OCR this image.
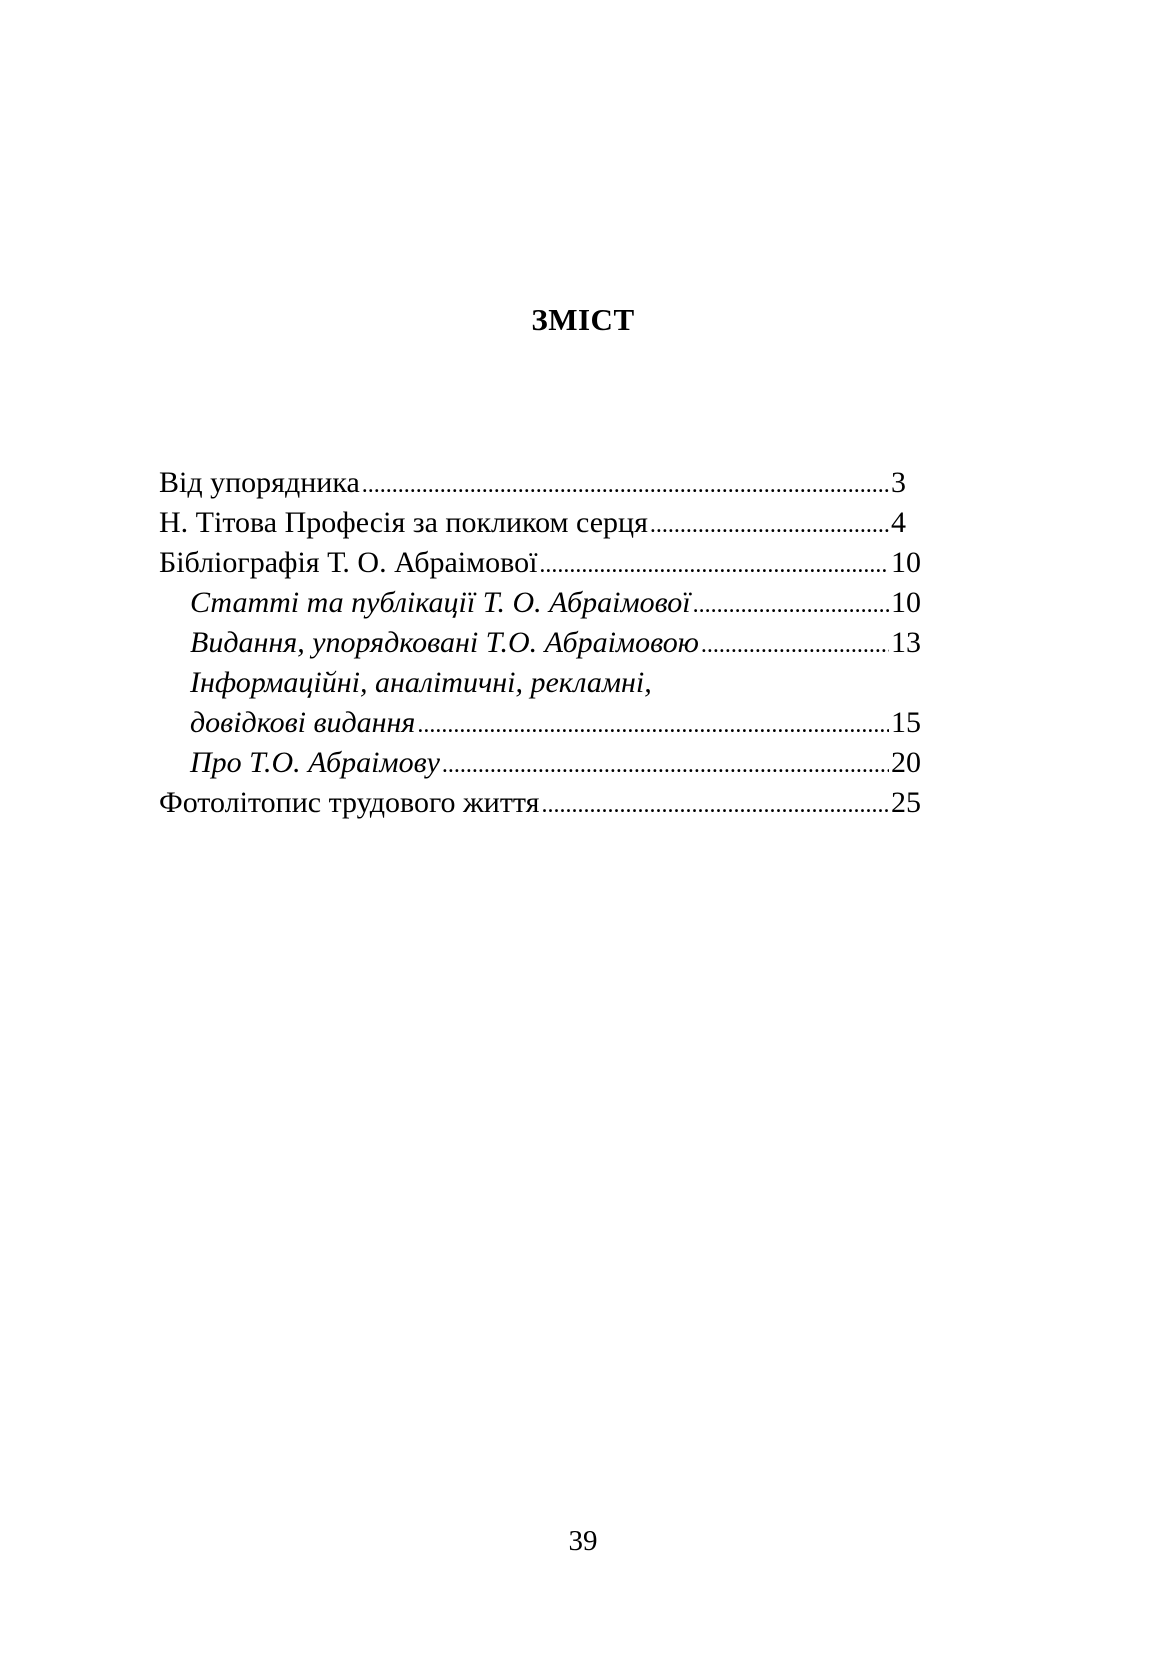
ЗМІСТ
Від упорядника .....	3
Н. Тітова Професія за покликом серця .....	4
Бібліографія Т. О. Абраімової .....	10
Статті та публікації Т. О. Абраімової .....	10
Видання, упорядковані Т.О. Абраімовою .....	13
Інформаційні, аналітичні, рекламні,
довідкові видання .....	15
Про Т.О. Абраімову .....	20
Фотолітопис трудового життя .....	25
39
